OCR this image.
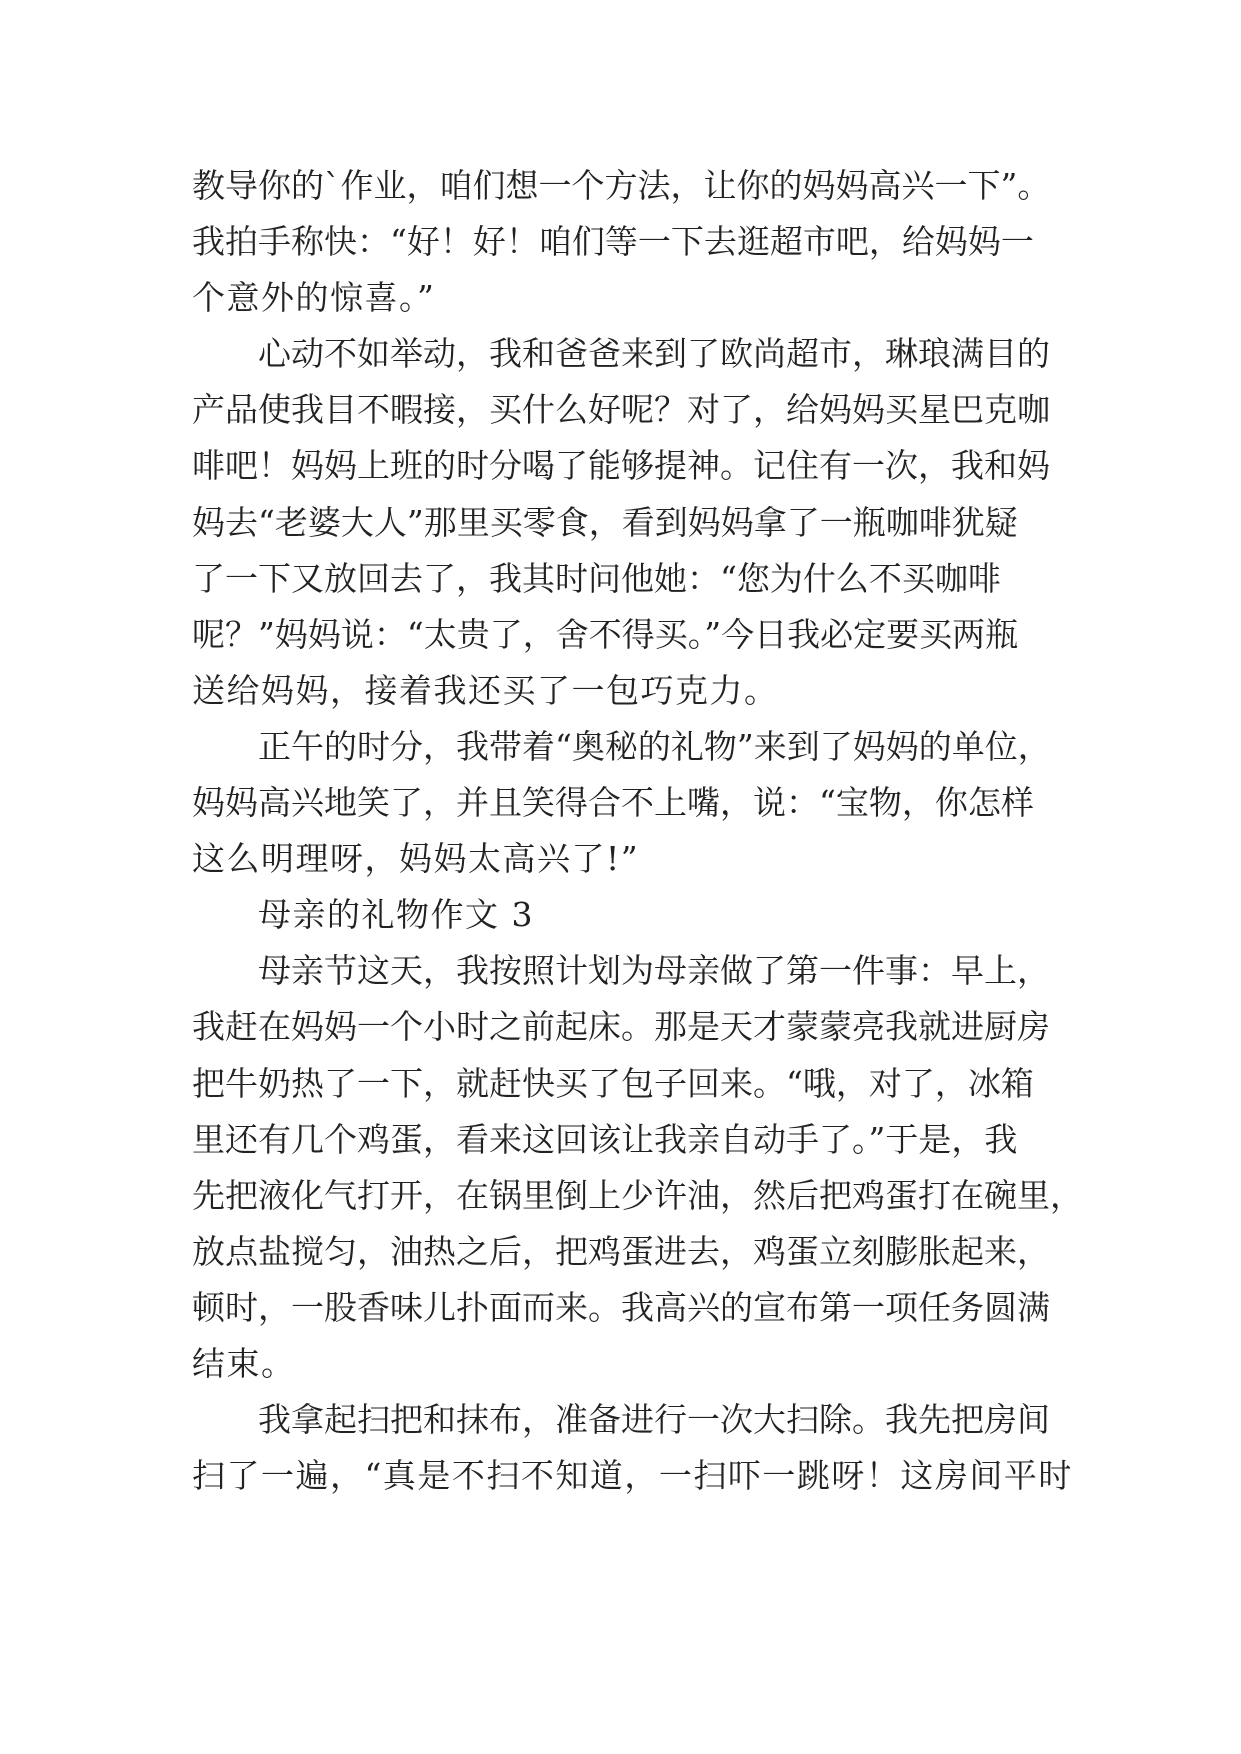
教导你的`作业，咱们想一个方法，让你的妈妈高兴一下”。
我拍手称快：“好！好！咱们等一下去逛超市吧，给妈妈一
个意外的惊喜。”
心动不如举动，我和爸爸来到了欧尚超市，琳琅满目的
产品使我目不暇接，买什么好呢？对了，给妈妈买星巴克咖
啡吧！妈妈上班的时分喝了能够提神。记住有一次，我和妈
妈去“老婆大人”那里买零食，看到妈妈拿了一瓶咖啡犹疑
了一下又放回去了，我其时问他她：“您为什么不买咖啡
呢？”妈妈说：“太贵了，舍不得买。”今日我必定要买两瓶
送给妈妈，接着我还买了一包巧克力。
正午的时分，我带着“奥秘的礼物”来到了妈妈的单位，
妈妈高兴地笑了，并且笑得合不上嘴，说：“宝物，你怎样
这么明理呀，妈妈太高兴了!”
母亲的礼物作文 3
母亲节这天，我按照计划为母亲做了第一件事：早上，
我赶在妈妈一个小时之前起床。那是天才蒙蒙亮我就进厨房
把牛奶热了一下，就赶快买了包子回来。“哦，对了，冰箱
里还有几个鸡蛋，看来这回该让我亲自动手了。”于是，我
先把液化气打开，在锅里倒上少许油，然后把鸡蛋打在碗里，
放点盐搅匀，油热之后，把鸡蛋进去，鸡蛋立刻膨胀起来，
顿时，一股香味儿扑面而来。我高兴的宣布第一项任务圆满
结束。
我拿起扫把和抹布，准备进行一次大扫除。我先把房间
扫了一遍，“真是不扫不知道，一扫吓一跳呀！这房间平时
